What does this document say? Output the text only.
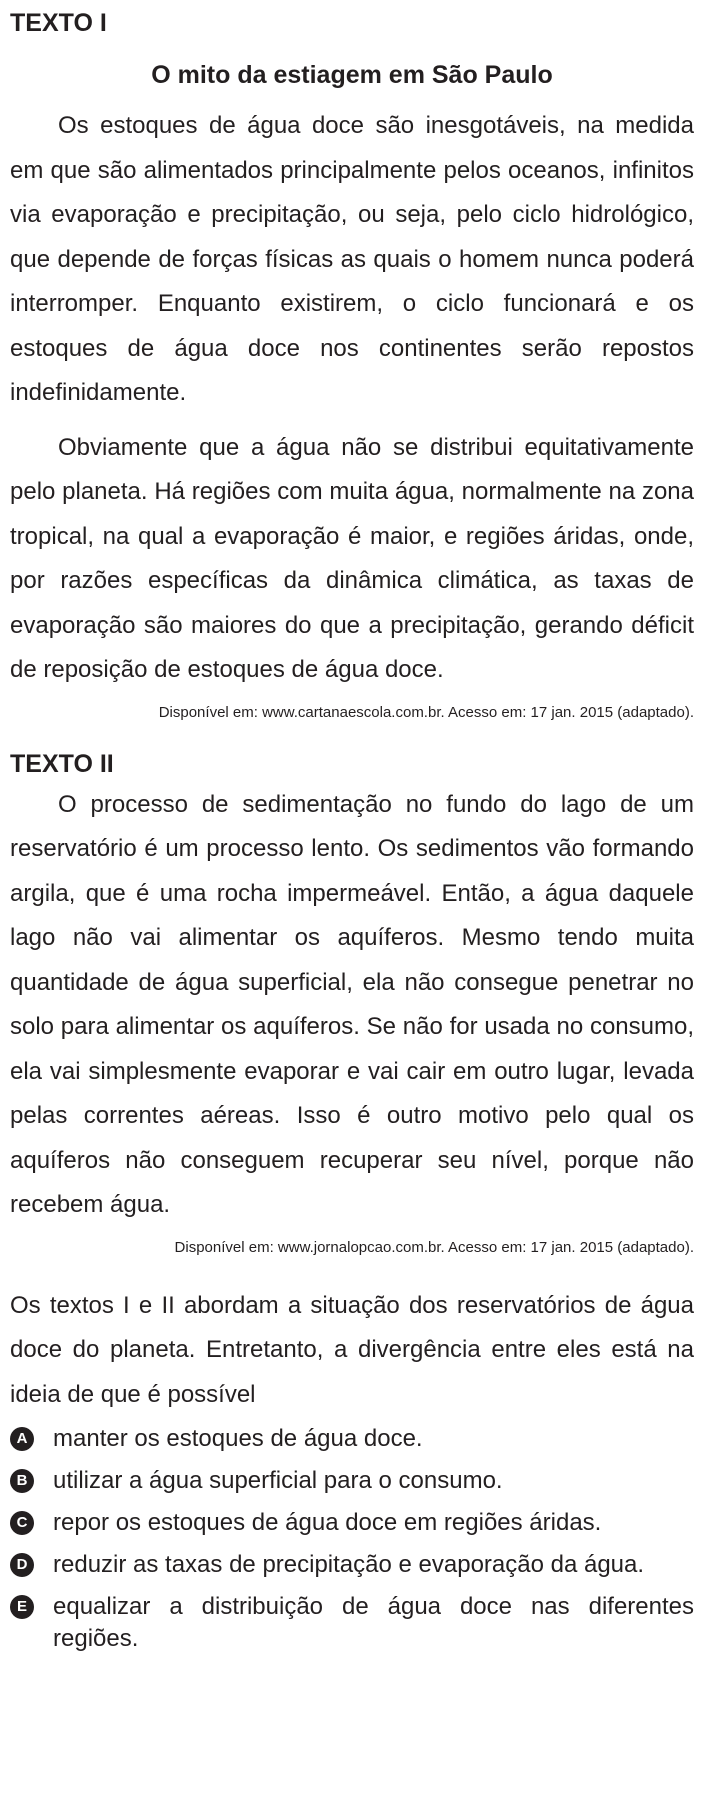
TEXTO I
O mito da estiagem em São Paulo

Os estoques de água doce são inesgotáveis, na medida em que são alimentados principalmente pelos oceanos, infinitos via evaporação e precipitação, ou seja, pelo ciclo hidrológico, que depende de forças físicas as quais o homem nunca poderá interromper. Enquanto existirem, o ciclo funcionará e os estoques de água doce nos continentes serão repostos indefinidamente.

Obviamente que a água não se distribui equitativamente pelo planeta. Há regiões com muita água, normalmente na zona tropical, na qual a evaporação é maior, e regiões áridas, onde, por razões específicas da dinâmica climática, as taxas de evaporação são maiores do que a precipitação, gerando déficit de reposição de estoques de água doce.

Disponível em: www.cartanaescola.com.br. Acesso em: 17 jan. 2015 (adaptado).

TEXTO II

O processo de sedimentação no fundo do lago de um reservatório é um processo lento. Os sedimentos vão formando argila, que é uma rocha impermeável. Então, a água daquele lago não vai alimentar os aquíferos. Mesmo tendo muita quantidade de água superficial, ela não consegue penetrar no solo para alimentar os aquíferos. Se não for usada no consumo, ela vai simplesmente evaporar e vai cair em outro lugar, levada pelas correntes aéreas. Isso é outro motivo pelo qual os aquíferos não conseguem recuperar seu nível, porque não recebem água.

Disponível em: www.jornalopcao.com.br. Acesso em: 17 jan. 2015 (adaptado).

Os textos I e II abordam a situação dos reservatórios de água doce do planeta. Entretanto, a divergência entre eles está na ideia de que é possível

A manter os estoques de água doce.
B utilizar a água superficial para o consumo.
C repor os estoques de água doce em regiões áridas.
D reduzir as taxas de precipitação e evaporação da água.
E equalizar a distribuição de água doce nas diferentes regiões.
